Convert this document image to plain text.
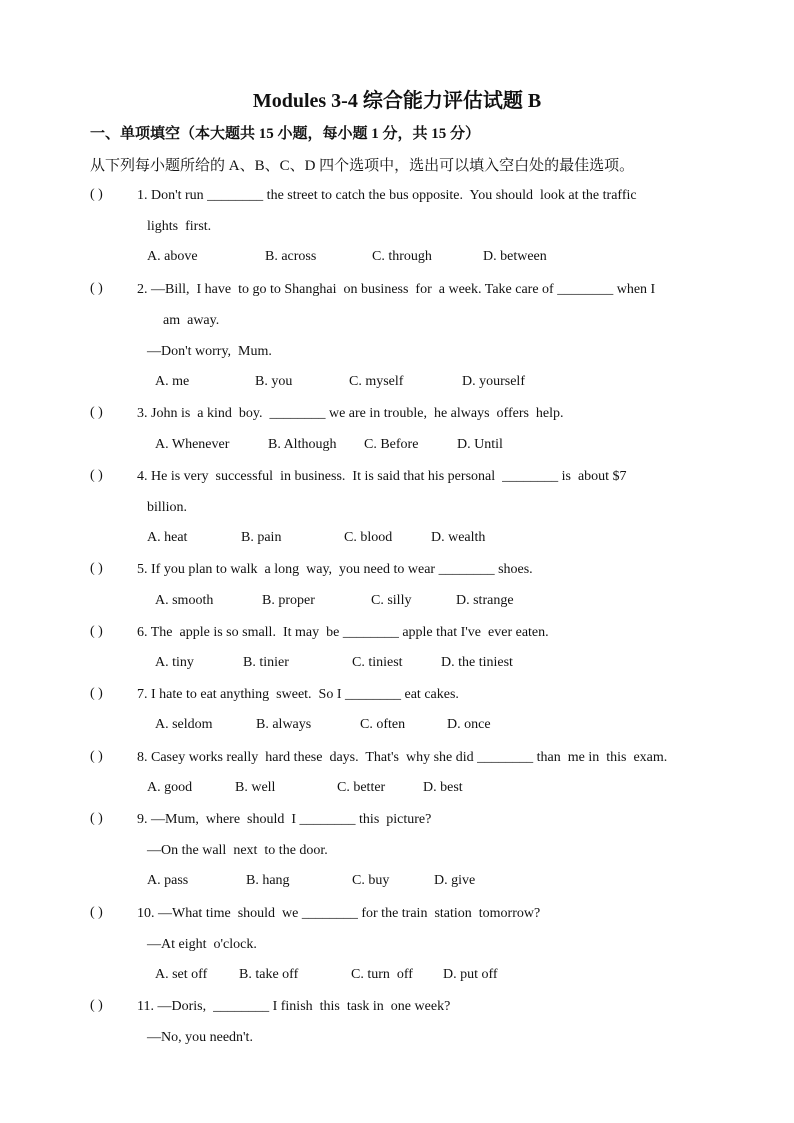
Modules 3-4 综合能力评估试题 B
一、单项填空（本大题共 15 小题，每小题 1 分，共 15 分）
从下列每小题所给的 A、B、C、D 四个选项中，选出可以填入空白处的最佳选项。
( ) 1. Don't run ________ the street to catch the bus opposite.  You should  look at the traffic
lights  first.
A. above	B. across	C. through	D. between
( ) 2. —Bill,  I have  to go to Shanghai  on business  for  a week. Take care of ________ when I
am  away.
—Don't worry,  Mum.
A. me	B. you	C. myself	D. yourself
( ) 3. John is  a kind  boy.  ________ we are in trouble,  he always  offers  help.
A. Whenever	B. Although C. Before	D. Until
( ) 4. He is very  successful  in business.  It is said that his personal  ________ is  about $7
billion.
A. heat	B. pain	C. blood	D. wealth
( ) 5. If you plan to walk  a long  way,  you need to wear ________ shoes.
A. smooth	B. proper	C. silly	D. strange
( ) 6. The  apple is so small.  It may  be ________ apple that I've  ever eaten.
A. tiny	B. tinier	C. tiniest	D. the tiniest
( ) 7. I hate to eat anything  sweet.  So I ________ eat cakes.
A. seldom	B. always	C. often	D. once
( ) 8. Casey works really  hard these  days.  That's  why she did ________ than  me in  this  exam.
A. good	B. well	C. better	D. best
( ) 9. —Mum,  where  should  I ________ this  picture?
—On the wall  next  to the door.
A. pass	B. hang	C. buy	D. give
( ) 10. —What time  should  we ________ for the train  station  tomorrow?
—At eight  o'clock.
A. set off B. take off	C. turn  off D. put off
( ) 11. —Doris,  ________ I finish  this  task in  one week?
—No, you needn't.
